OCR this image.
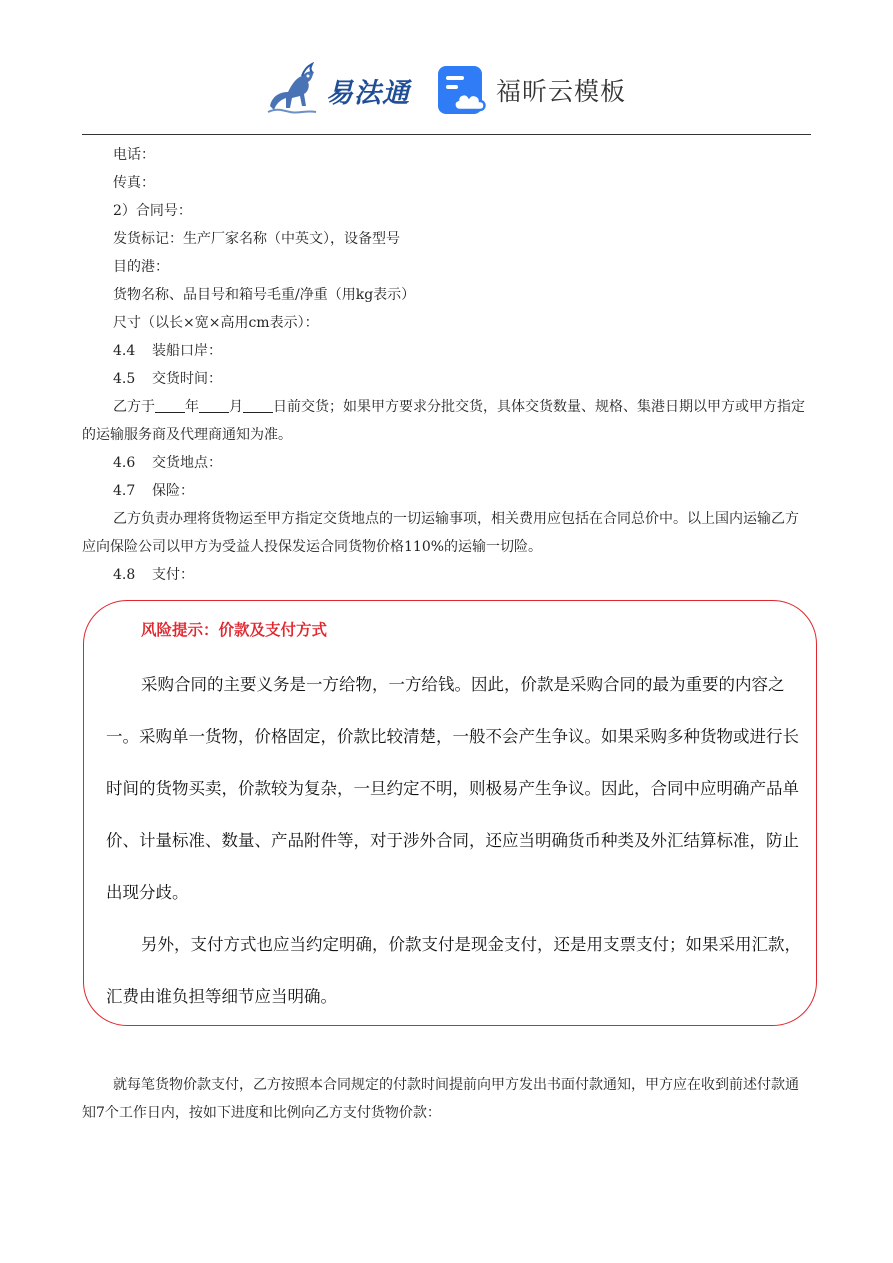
易法通	福昕云模板

电话：

传真：

2）合同号：

发货标记：生产厂家名称（中英文），设备型号

目的港：

货物名称、品目号和箱号毛重/净重（用kg表示）

尺寸（以长×宽×高用cm表示）：

4.4 装船口岸：

4.5 交货时间：

乙方于 年 月 日前交货；如果甲方要求分批交货，具体交货数量、规格、集港日期以甲方或甲方指定的运输服务商及代理商通知为准。

4.6 交货地点：

4.7 保险：

乙方负责办理将货物运至甲方指定交货地点的一切运输事项，相关费用应包括在合同总价中。以上国内运输乙方应向保险公司以甲方为受益人投保发运合同货物价格110%的运输一切险。

4.8 支付：

风险提示：价款及支付方式

采购合同的主要义务是一方给物，一方给钱。因此，价款是采购合同的最为重要的内容之一。采购单一货物，价格固定，价款比较清楚，一般不会产生争议。如果采购多种货物或进行长时间的货物买卖，价款较为复杂，一旦约定不明，则极易产生争议。因此，合同中应明确产品单价、计量标准、数量、产品附件等，对于涉外合同，还应当明确货币种类及外汇结算标准，防止出现分歧。

另外，支付方式也应当约定明确，价款支付是现金支付，还是用支票支付；如果采用汇款，汇费由谁负担等细节应当明确。

就每笔货物价款支付，乙方按照本合同规定的付款时间提前向甲方发出书面付款通知，甲方应在收到前述付款通知7个工作日内，按如下进度和比例向乙方支付货物价款：
